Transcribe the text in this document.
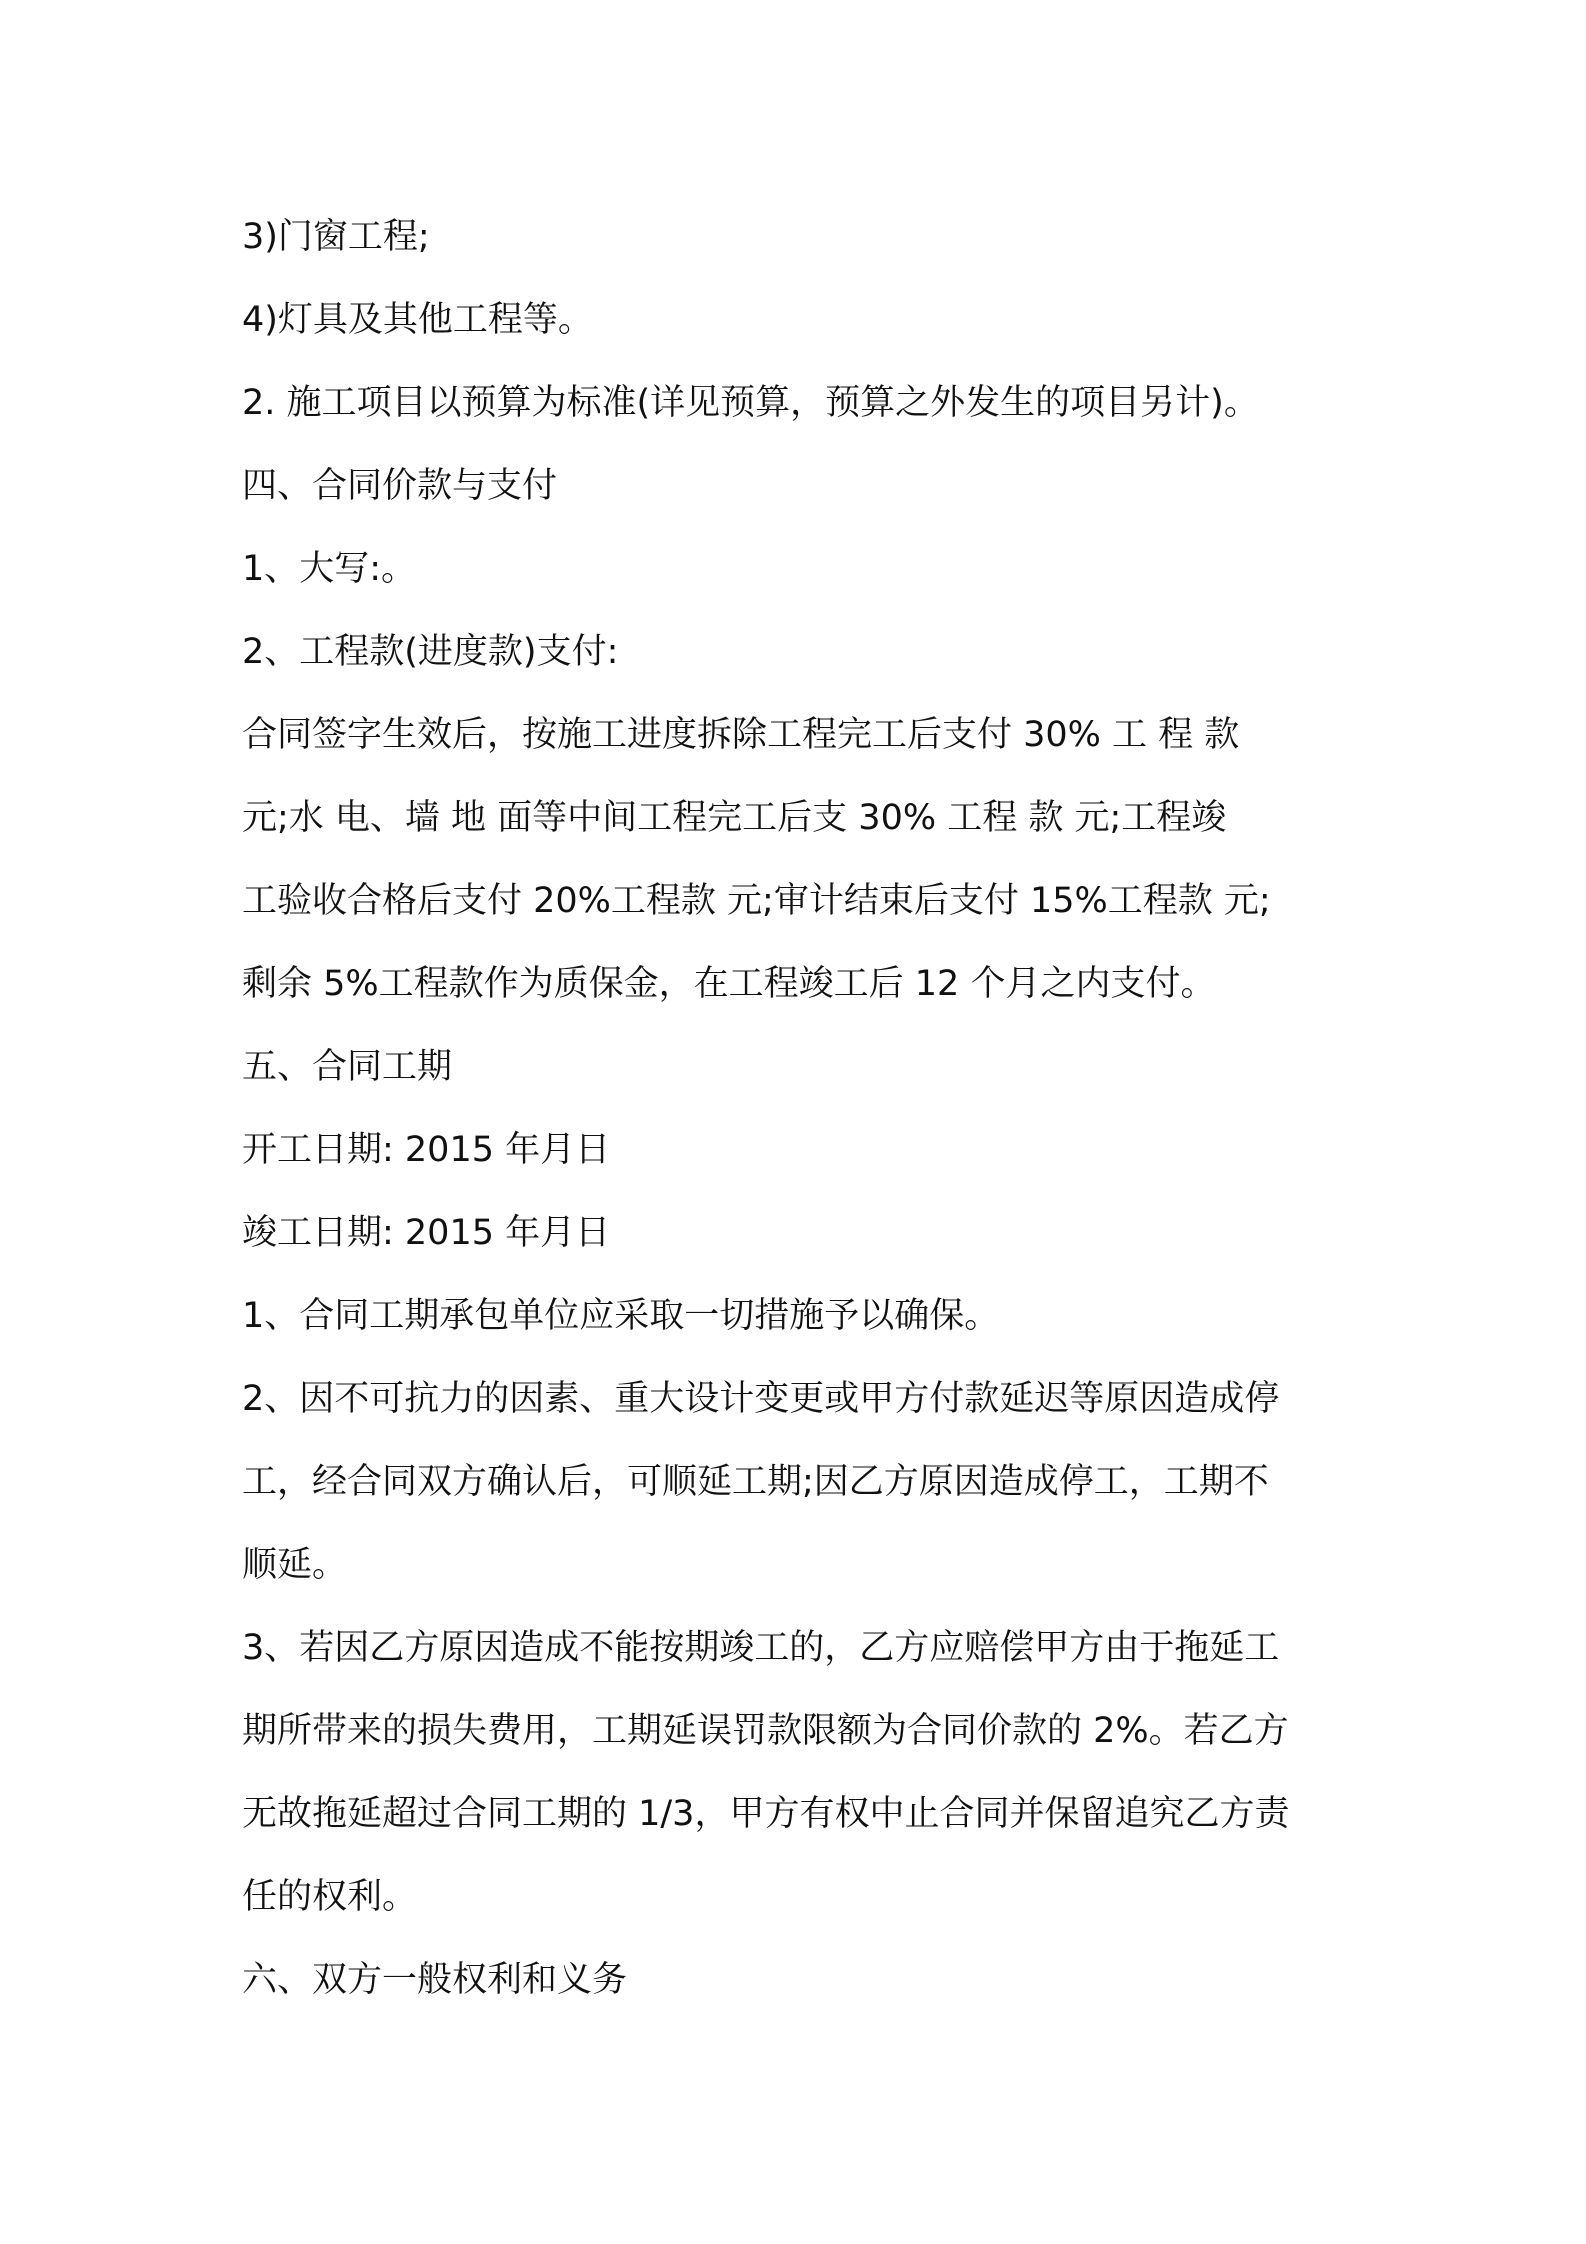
3)门窗工程;
4)灯具及其他工程等。
2. 施工项目以预算为标准(详见预算，预算之外发生的项目另计)。
四、合同价款与支付
1、大写:。
2、工程款(进度款)支付:
合同签字生效后，按施工进度拆除工程完工后支付 30% 工 程 款
元;水 电、墙 地 面等中间工程完工后支 30% 工程 款 元;工程竣
工验收合格后支付 20%工程款 元;审计结束后支付 15%工程款 元;
剩余 5%工程款作为质保金，在工程竣工后 12 个月之内支付。
五、合同工期
开工日期: 2015 年月日
竣工日期: 2015 年月日
1、合同工期承包单位应采取一切措施予以确保。
2、因不可抗力的因素、重大设计变更或甲方付款延迟等原因造成停
工，经合同双方确认后，可顺延工期;因乙方原因造成停工，工期不
顺延。
3、若因乙方原因造成不能按期竣工的，乙方应赔偿甲方由于拖延工
期所带来的损失费用，工期延误罚款限额为合同价款的 2%。若乙方
无故拖延超过合同工期的 1/3，甲方有权中止合同并保留追究乙方责
任的权利。
六、双方一般权利和义务
